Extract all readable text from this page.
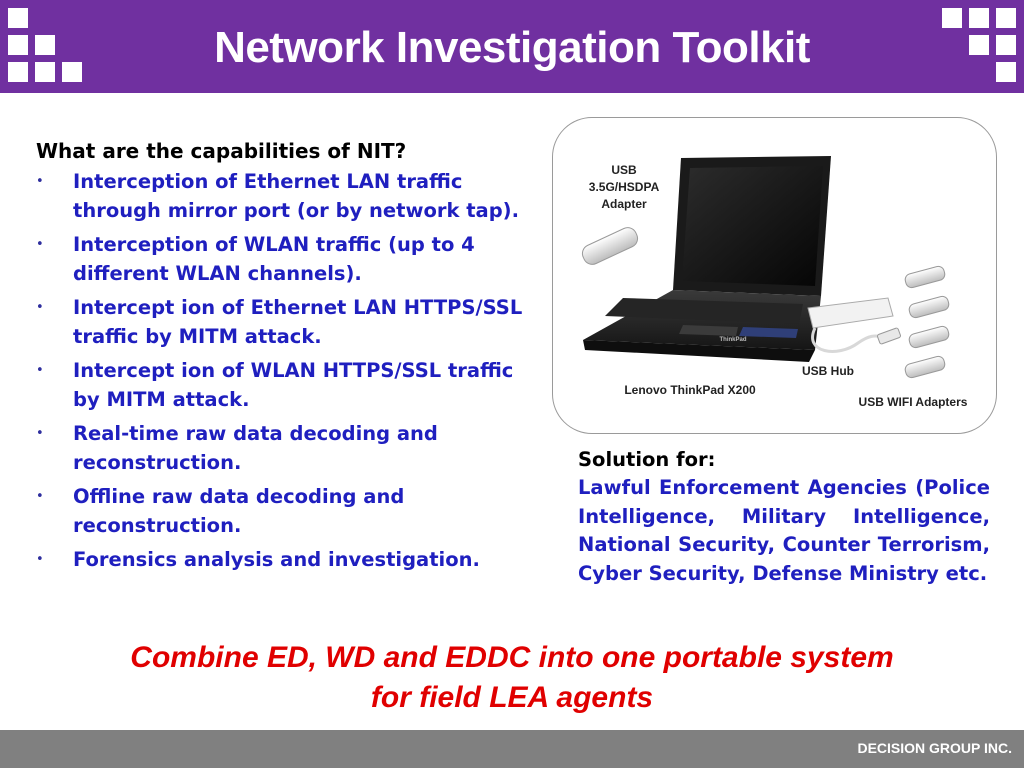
Network Investigation Toolkit
What are the capabilities of NIT?
• Interception of Ethernet LAN traffic through mirror port (or by network tap).
• Interception of WLAN traffic (up to 4 different WLAN channels).
• Intercept ion of Ethernet LAN HTTPS/SSL traffic by MITM attack.
• Intercept ion of WLAN HTTPS/SSL traffic by MITM attack.
• Real-time raw data decoding and reconstruction.
• Offline raw data decoding and reconstruction.
• Forensics analysis and investigation.
USB
3.5G/HSDPA
Adapter
ThinkPad
Lenovo ThinkPad X200
USB Hub
USB WIFI Adapters
Solution for:
Lawful Enforcement Agencies (Police Intelligence, Military Intelligence, National Security, Counter Terrorism, Cyber Security, Defense Ministry etc.
Combine ED, WD and EDDC into one portable system
for field LEA agents
DECISION GROUP INC.
